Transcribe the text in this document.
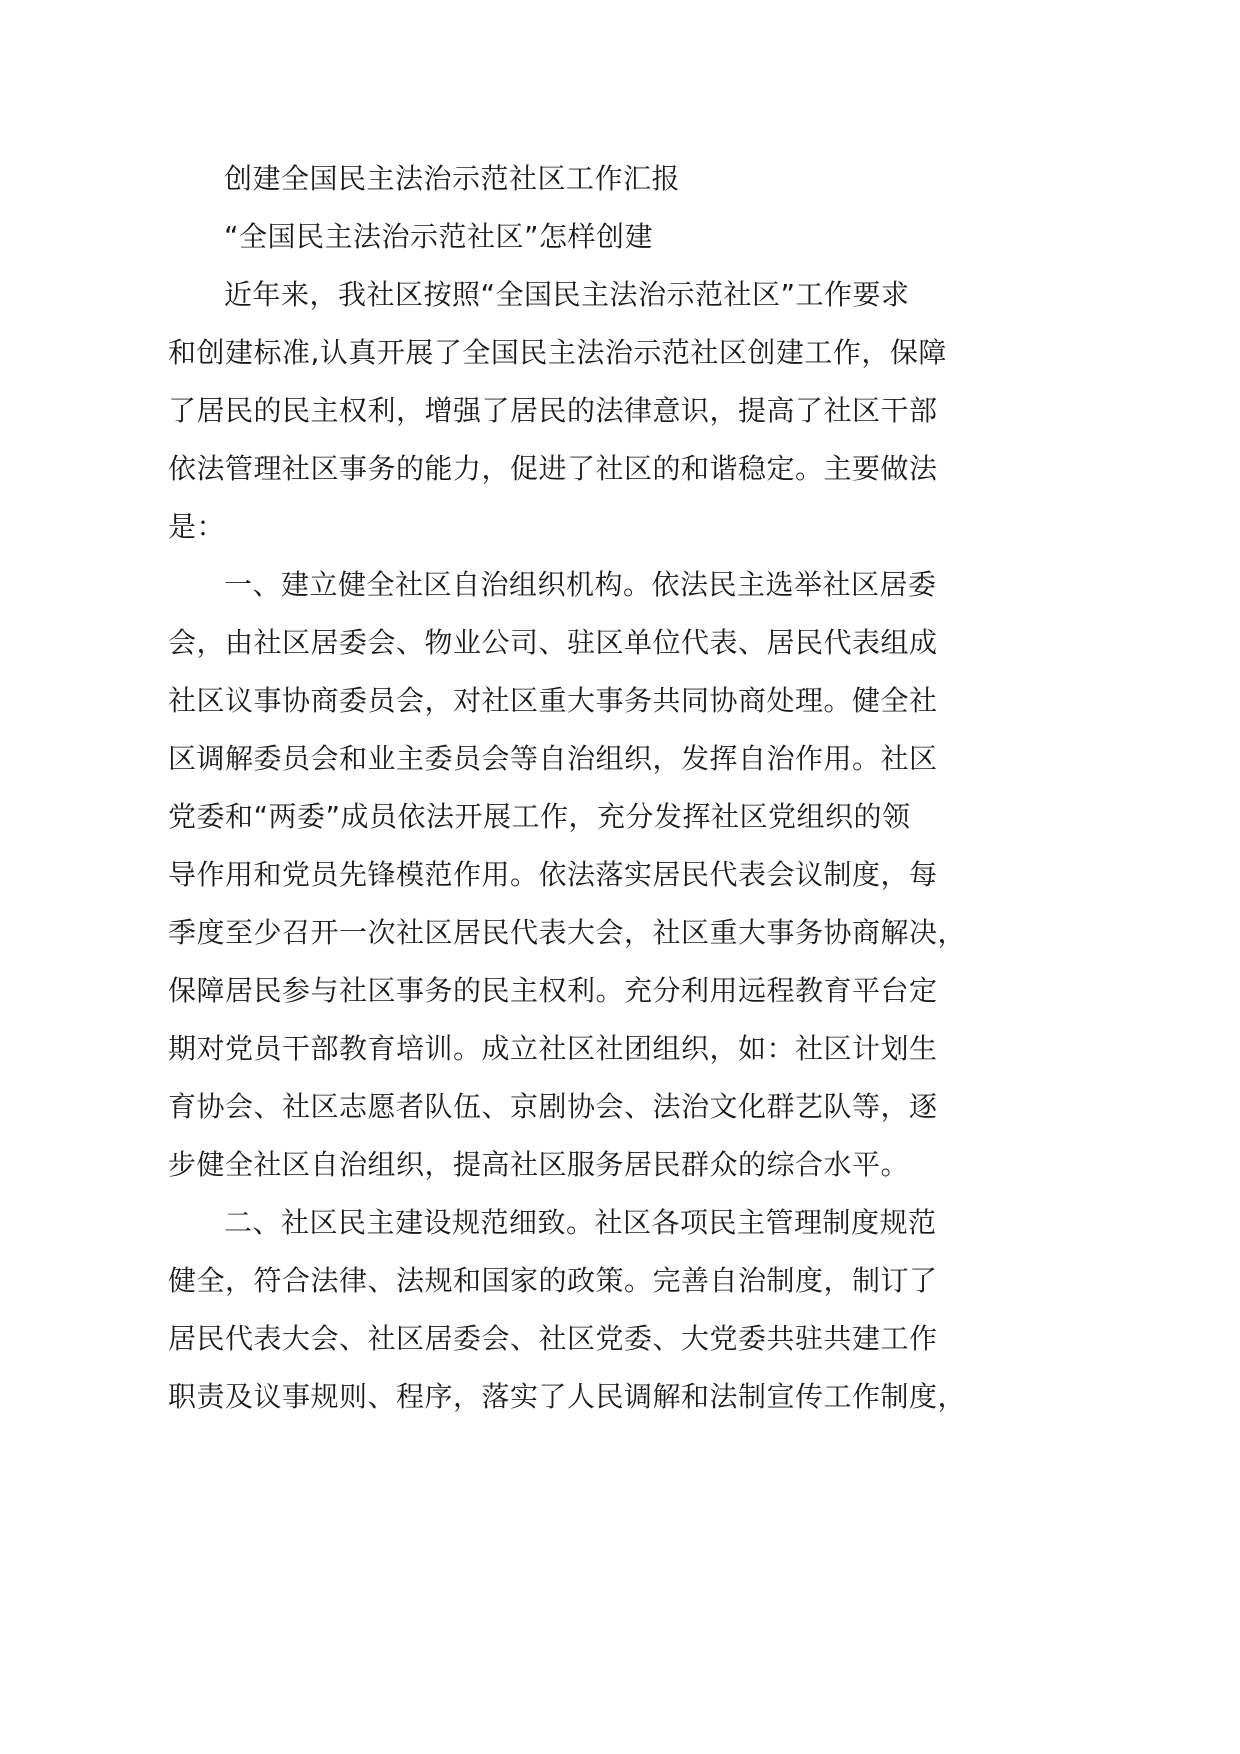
创建全国民主法治示范社区工作汇报
“全国民主法治示范社区”怎样创建
近年来，我社区按照“全国民主法治示范社区”工作要求
和创建标准,认真开展了全国民主法治示范社区创建工作，保障
了居民的民主权利，增强了居民的法律意识，提高了社区干部
依法管理社区事务的能力，促进了社区的和谐稳定。主要做法
是：
一、建立健全社区自治组织机构。依法民主选举社区居委
会，由社区居委会、物业公司、驻区单位代表、居民代表组成
社区议事协商委员会，对社区重大事务共同协商处理。健全社
区调解委员会和业主委员会等自治组织，发挥自治作用。社区
党委和“两委”成员依法开展工作，充分发挥社区党组织的领
导作用和党员先锋模范作用。依法落实居民代表会议制度，每
季度至少召开一次社区居民代表大会，社区重大事务协商解决，
保障居民参与社区事务的民主权利。充分利用远程教育平台定
期对党员干部教育培训。成立社区社团组织，如：社区计划生
育协会、社区志愿者队伍、京剧协会、法治文化群艺队等，逐
步健全社区自治组织，提高社区服务居民群众的综合水平。
二、社区民主建设规范细致。社区各项民主管理制度规范
健全，符合法律、法规和国家的政策。完善自治制度，制订了
居民代表大会、社区居委会、社区党委、大党委共驻共建工作
职责及议事规则、程序，落实了人民调解和法制宣传工作制度，
